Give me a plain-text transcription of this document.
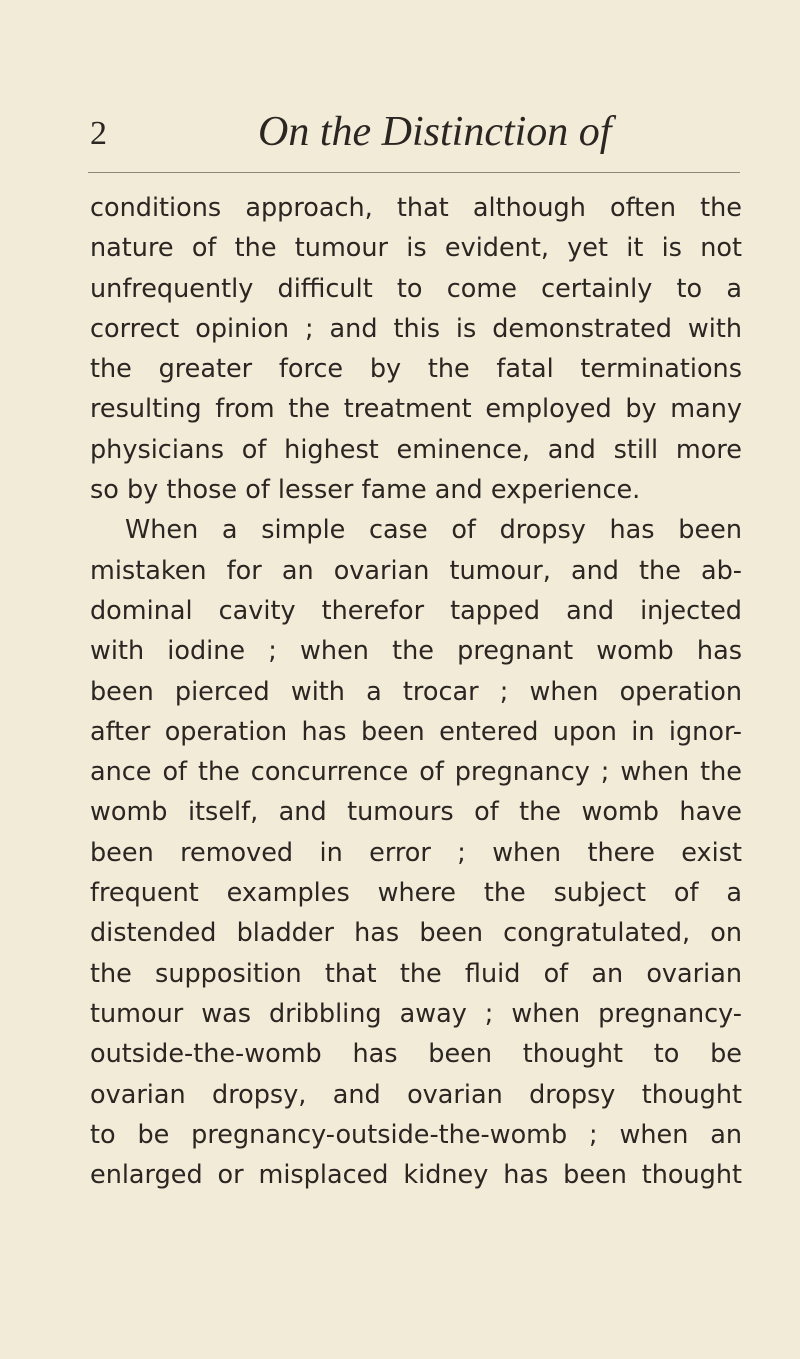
2	On the Distinction of
conditions approach, that although often the
nature of the tumour is evident, yet it is not
unfrequently difficult to come certainly to a
correct opinion ; and this is demonstrated with
the greater force by the fatal terminations
resulting from the treatment employed by many
physicians of highest eminence, and still more
so by those of lesser fame and experience.
When a simple case of dropsy has been
mistaken for an ovarian tumour, and the ab-
dominal cavity therefor tapped and injected
with iodine ; when the pregnant womb has
been pierced with a trocar ; when operation
after operation has been entered upon in ignor-
ance of the concurrence of pregnancy ; when the
womb itself, and tumours of the womb have
been removed in error ; when there exist
frequent examples where the subject of a
distended bladder has been congratulated, on
the supposition that the fluid of an ovarian
tumour was dribbling away ; when pregnancy-
outside-the-womb has been thought to be
ovarian dropsy, and ovarian dropsy thought
to be pregnancy-outside-the-womb ; when an
enlarged or misplaced kidney has been thought
